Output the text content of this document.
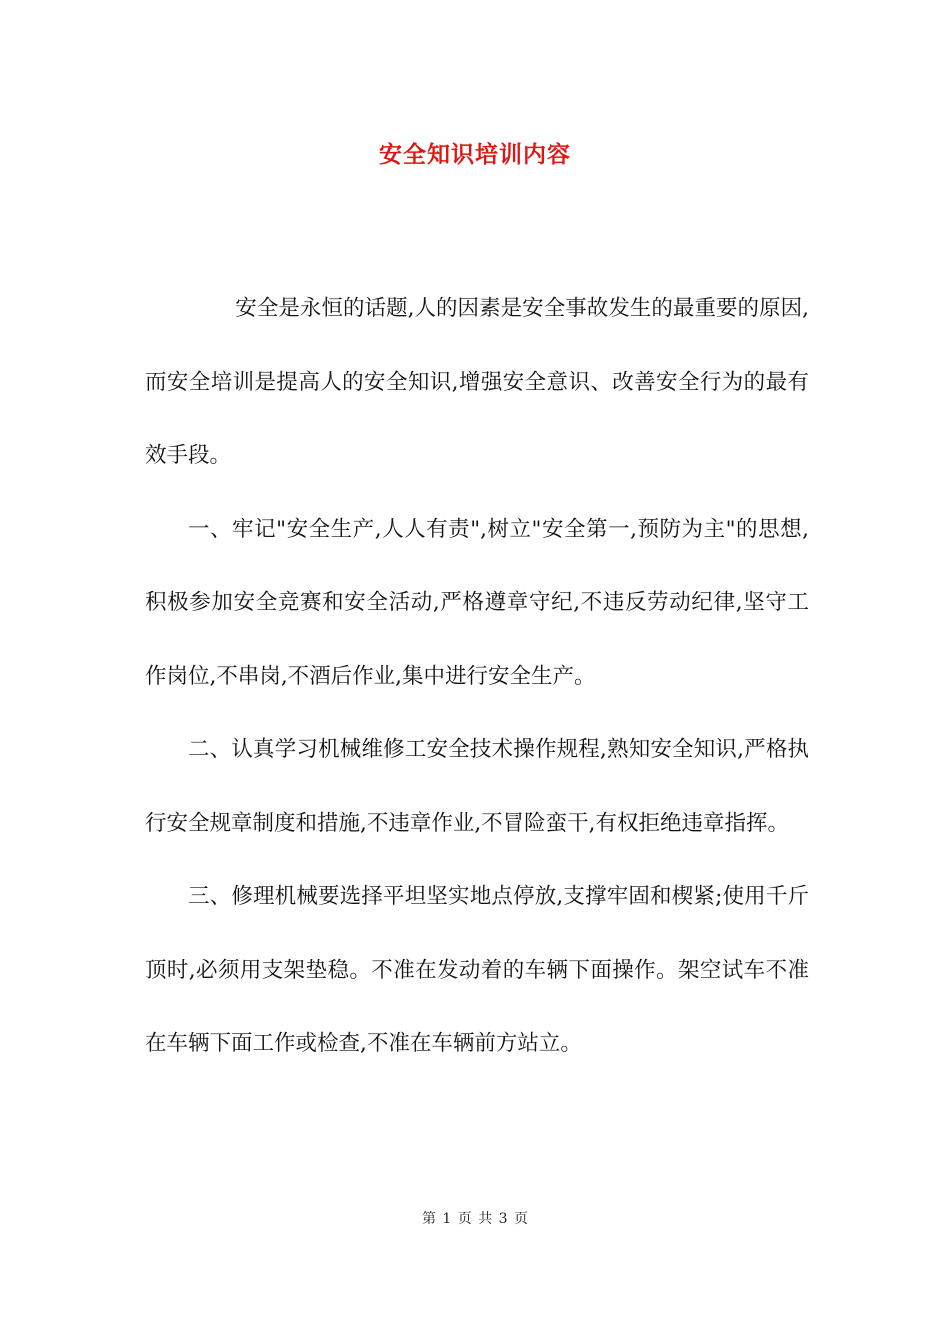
安全知识培训内容

安全是永恒的话题,人的因素是安全事故发生的最重要的原因,而安全培训是提高人的安全知识,增强安全意识、改善安全行为的最有效手段。

一、牢记"安全生产,人人有责",树立"安全第一,预防为主"的思想,积极参加安全竞赛和安全活动,严格遵章守纪,不违反劳动纪律,坚守工作岗位,不串岗,不酒后作业,集中进行安全生产。

二、认真学习机械维修工安全技术操作规程,熟知安全知识,严格执行安全规章制度和措施,不违章作业,不冒险蛮干,有权拒绝违章指挥。

三、修理机械要选择平坦坚实地点停放,支撑牢固和楔紧;使用千斤顶时,必须用支架垫稳。不准在发动着的车辆下面操作。架空试车不准在车辆下面工作或检查,不准在车辆前方站立。

第 1 页 共 3 页
